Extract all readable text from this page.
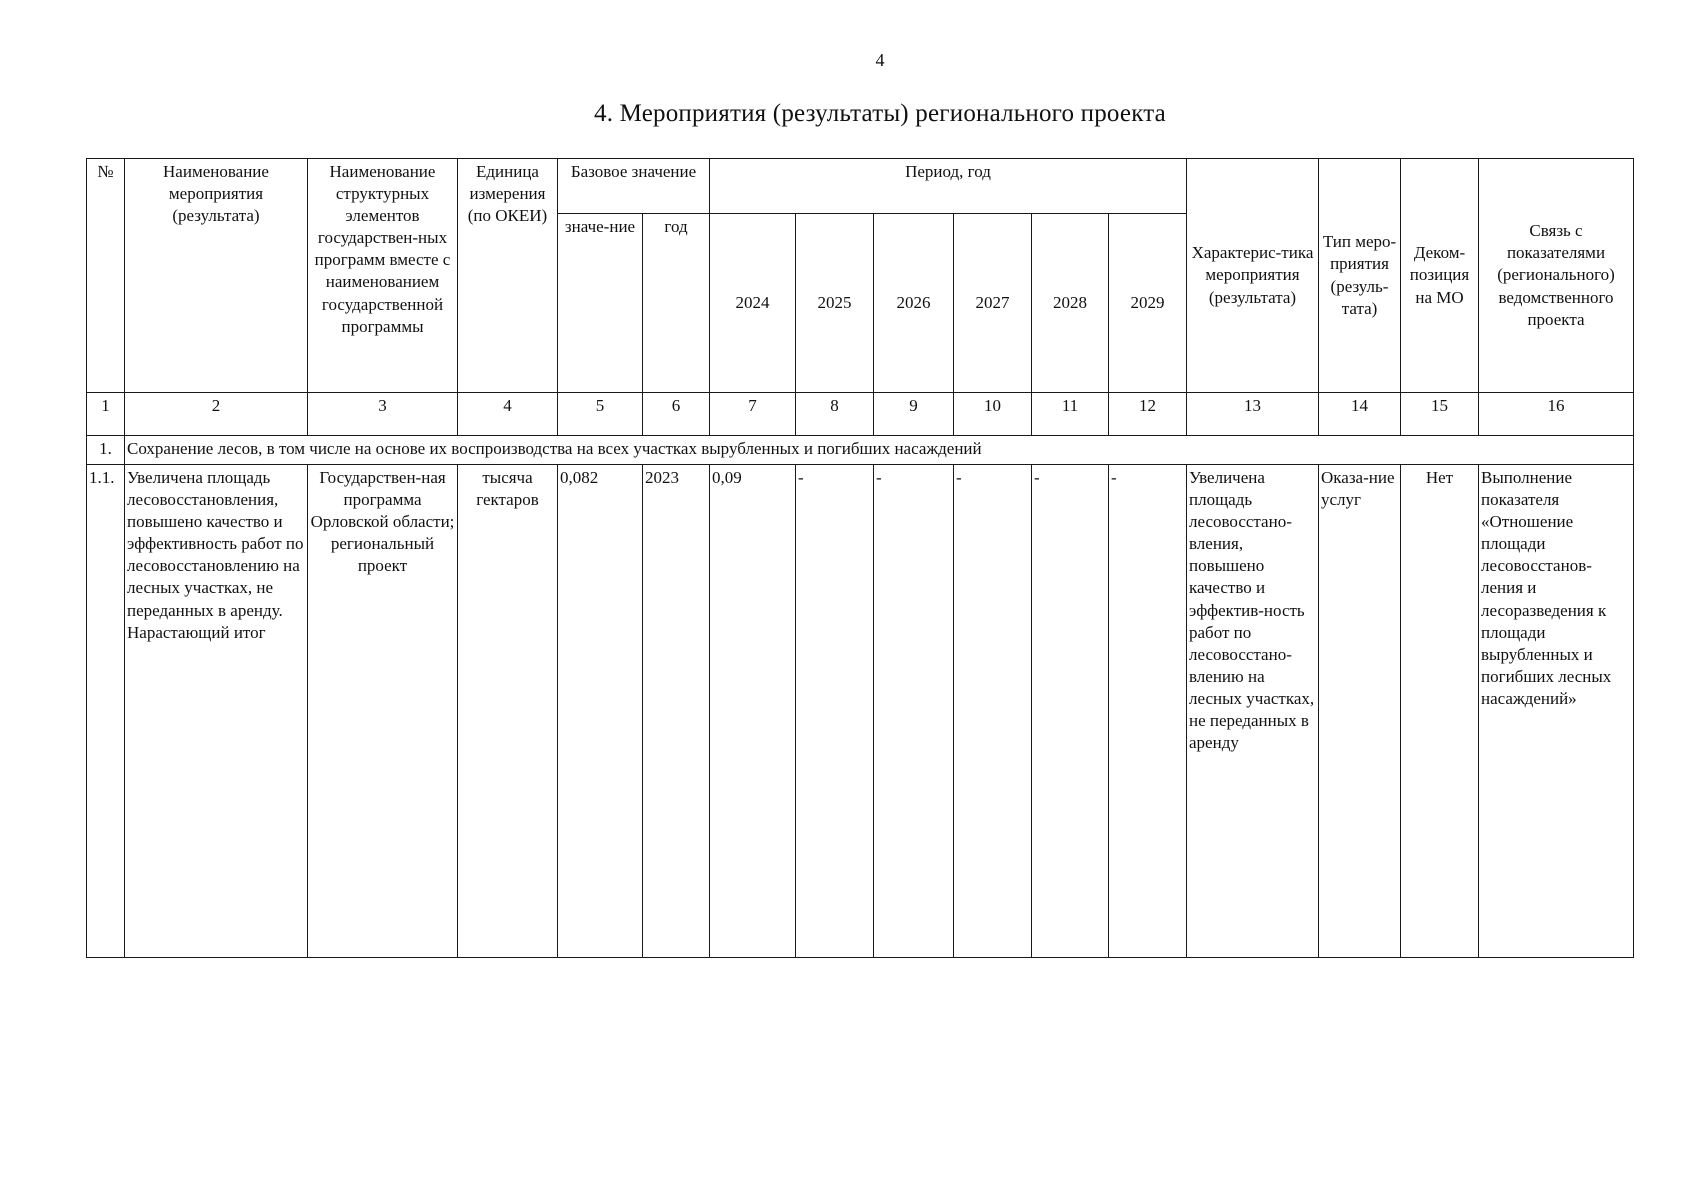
4
4. Мероприятия (результаты) регионального проекта
№	Наименование мероприятия (результата)	Наименование структурных элементов государствен-ных программ вместе с наименованием государственной программы	Единица измерения (по ОКЕИ)	Базовое значение		Период, год						Характерис-тика мероприятия (результата)	Тип меро-приятия (резуль-тата)	Деком-позиция на МО	Связь с показателями (регионального) ведомственного проекта
				значе-ние	год	2024	2025	2026	2027	2028	2029				
1	2	3	4	5	6	7	8	9	10	11	12	13	14	15	16
1.	Сохранение лесов, в том числе на основе их воспроизводства на всех участках вырубленных и погибших насаждений														
1.1.	Увеличена площадь лесовосстановления, повышено качество и эффективность работ по лесовосстановлению на лесных участках, не переданных в аренду. Нарастающий итог	Государствен-ная программа Орловской области; региональный проект	тысяча гектаров	0,082	2023	0,09	-	-	-	-	-	Увеличена площадь лесовосстано-вления, повышено качество и эффектив-ность работ по лесовосстано-влению на лесных участках, не переданных в аренду	Оказа-ние услуг	Нет	Выполнение показателя «Отношение площади лесовосстанов-ления и лесоразведения к площади вырубленных и погибших лесных насаждений»
